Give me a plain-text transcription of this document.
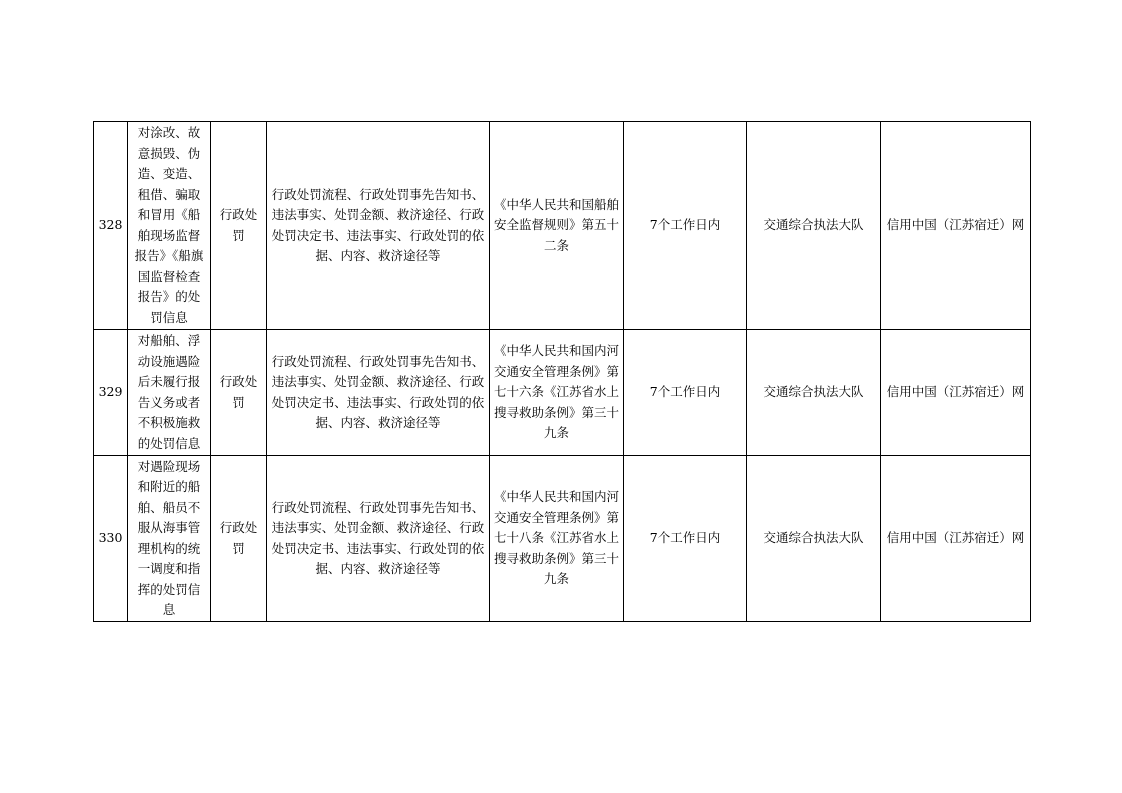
328	对涂改、故意损毁、伪造、变造、租借、骗取和冒用《船舶现场监督报告》《船旗国监督检查报告》的处罚信息	行政处罚	行政处罚流程、行政处罚事先告知书、违法事实、处罚金额、救济途径、行政处罚决定书、违法事实、行政处罚的依据、内容、救济途径等	《中华人民共和国船舶安全监督规则》第五十二条	7个工作日内	交通综合执法大队	信用中国（江苏宿迁）网
329	对船舶、浮动设施遇险后未履行报告义务或者不积极施救的处罚信息	行政处罚	行政处罚流程、行政处罚事先告知书、违法事实、处罚金额、救济途径、行政处罚决定书、违法事实、行政处罚的依据、内容、救济途径等	《中华人民共和国内河交通安全管理条例》第七十六条《江苏省水上搜寻救助条例》第三十九条	7个工作日内	交通综合执法大队	信用中国（江苏宿迁）网
330	对遇险现场和附近的船舶、船员不服从海事管理机构的统一调度和指挥的处罚信息	行政处罚	行政处罚流程、行政处罚事先告知书、违法事实、处罚金额、救济途径、行政处罚决定书、违法事实、行政处罚的依据、内容、救济途径等	《中华人民共和国内河交通安全管理条例》第七十八条《江苏省水上搜寻救助条例》第三十九条	7个工作日内	交通综合执法大队	信用中国（江苏宿迁）网
